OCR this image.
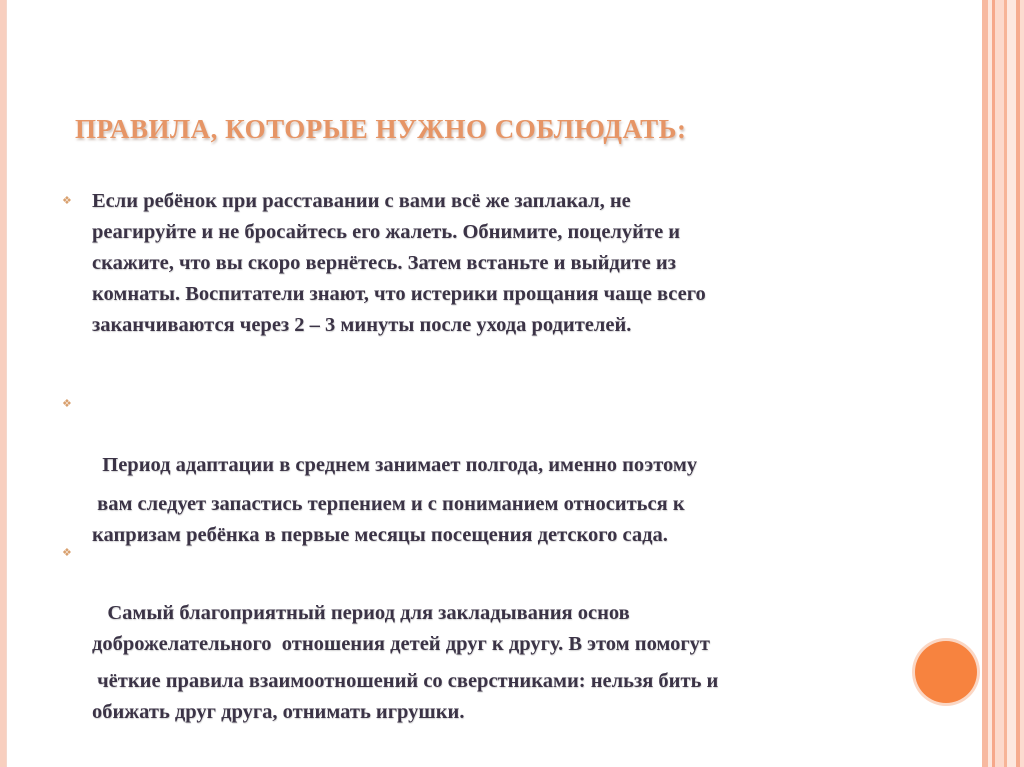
ПРАВИЛА, КОТОРЫЕ НУЖНО СОБЛЮДАТЬ:
❖ Если ребёнок при расставании с вами всё же заплакал, не
реагируйте и не бросайтесь его жалеть. Обнимите, поцелуйте и
скажите, что вы скоро вернётесь. Затем встаньте и выйдите из
комнаты. Воспитатели знают, что истерики прощания чаще всего
заканчиваются через 2 – 3 минуты после ухода родителей.
❖

Период адаптации в среднем занимает полгода, именно поэтому
вам следует запастись терпением и с пониманием относиться к
капризам ребёнка в первые месяцы посещения детского сада.

❖

Самый благоприятный период для закладывания основ
доброжелательного  отношения детей друг к другу. В этом помогут
чёткие правила взаимоотношений со сверстниками: нельзя бить и
обижать друг друга, отнимать игрушки.
